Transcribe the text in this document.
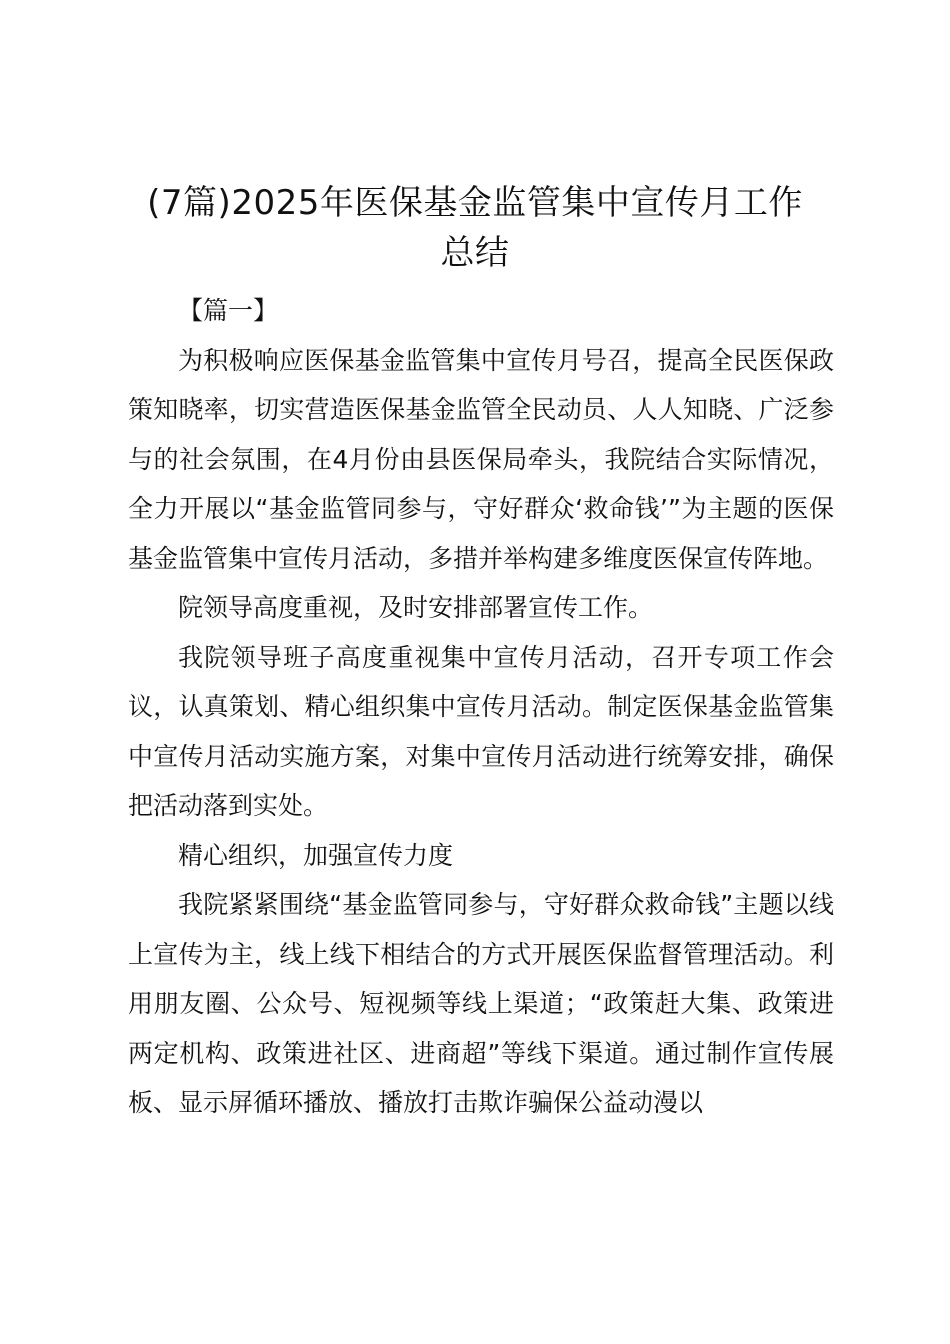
(7篇)2025年医保基金监管集中宣传月工作
总结

【篇一】

为积极响应医保基金监管集中宣传月号召，提高全民医保政策知晓率，切实营造医保基金监管全民动员、人人知晓、广泛参与的社会氛围，在4月份由县医保局牵头，我院结合实际情况，全力开展以“基金监管同参与，守好群众‘救命钱’”为主题的医保基金监管集中宣传月活动，多措并举构建多维度医保宣传阵地。

院领导高度重视，及时安排部署宣传工作。

我院领导班子高度重视集中宣传月活动，召开专项工作会议，认真策划、精心组织集中宣传月活动。制定医保基金监管集中宣传月活动实施方案，对集中宣传月活动进行统筹安排，确保把活动落到实处。

精心组织，加强宣传力度

我院紧紧围绕“基金监管同参与，守好群众救命钱”主题以线上宣传为主，线上线下相结合的方式开展医保监督管理活动。利用朋友圈、公众号、短视频等线上渠道；“政策赶大集、政策进两定机构、政策进社区、进商超”等线下渠道。通过制作宣传展板、显示屏循环播放、播放打击欺诈骗保公益动漫以
